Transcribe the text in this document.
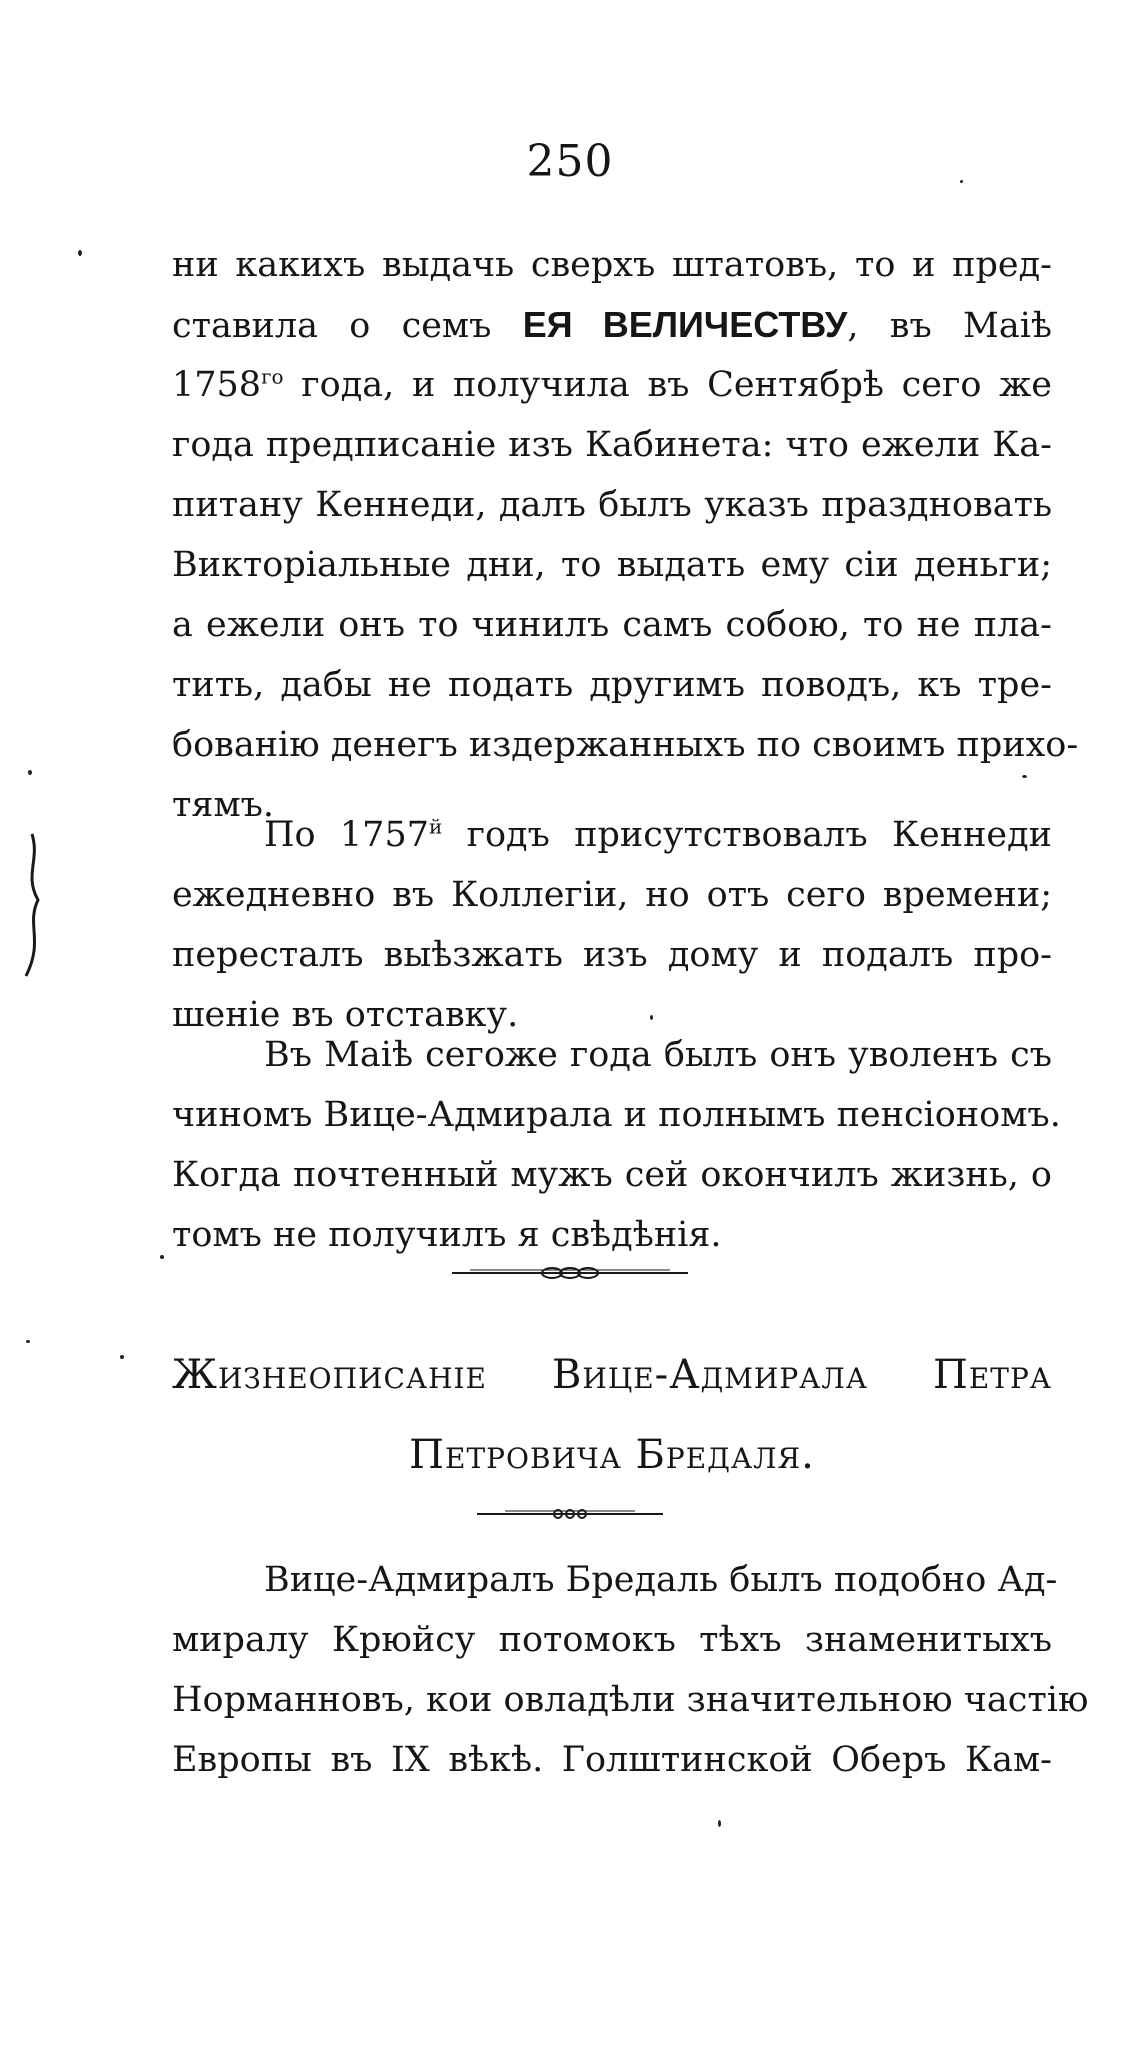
250
ни какихъ выдачь сверхъ штатовъ, то и пред-
ставила о семъ ЕЯ ВЕЛИЧЕСТВУ, въ Маіѣ
$1758^{го}$ года, и получила въ Сентябрѣ сего же
года предписаніе изъ Кабинета: что ежели Ка-
питану Кеннеди, далъ былъ указъ праздновать
Викторіальные дни, то выдать ему сіи деньги;
а ежели онъ то чинилъ самъ собою, то не пла-
тить, дабы не подать другимъ поводъ, къ тре-
бованію денегъ издержанныхъ по своимъ прихо-
тямъ.
По $1757^й$ годъ присутствовалъ Кеннеди
ежедневно въ Коллегіи, но отъ сего времени;
пересталъ выѣзжать изъ дому и подалъ про-
шеніе въ отставку.
Въ Маіѣ сегоже года былъ онъ уволенъ съ
чиномъ Вице-Адмирала и полнымъ пенсіономъ.
Когда почтенный мужъ сей окончилъ жизнь, о
томъ не получилъ я свѣдѣнія.
Жизнеописаніе Вице-Адмирала Петра
Петровича Бредаля.
Вице-Адмиралъ Бредаль былъ подобно Ад-
миралу Крюйсу потомокъ тѣхъ знаменитыхъ
Норманновъ, кои овладѣли значительною частію
Европы въ IX вѣкѣ. Голштинской Оберъ Кам-
